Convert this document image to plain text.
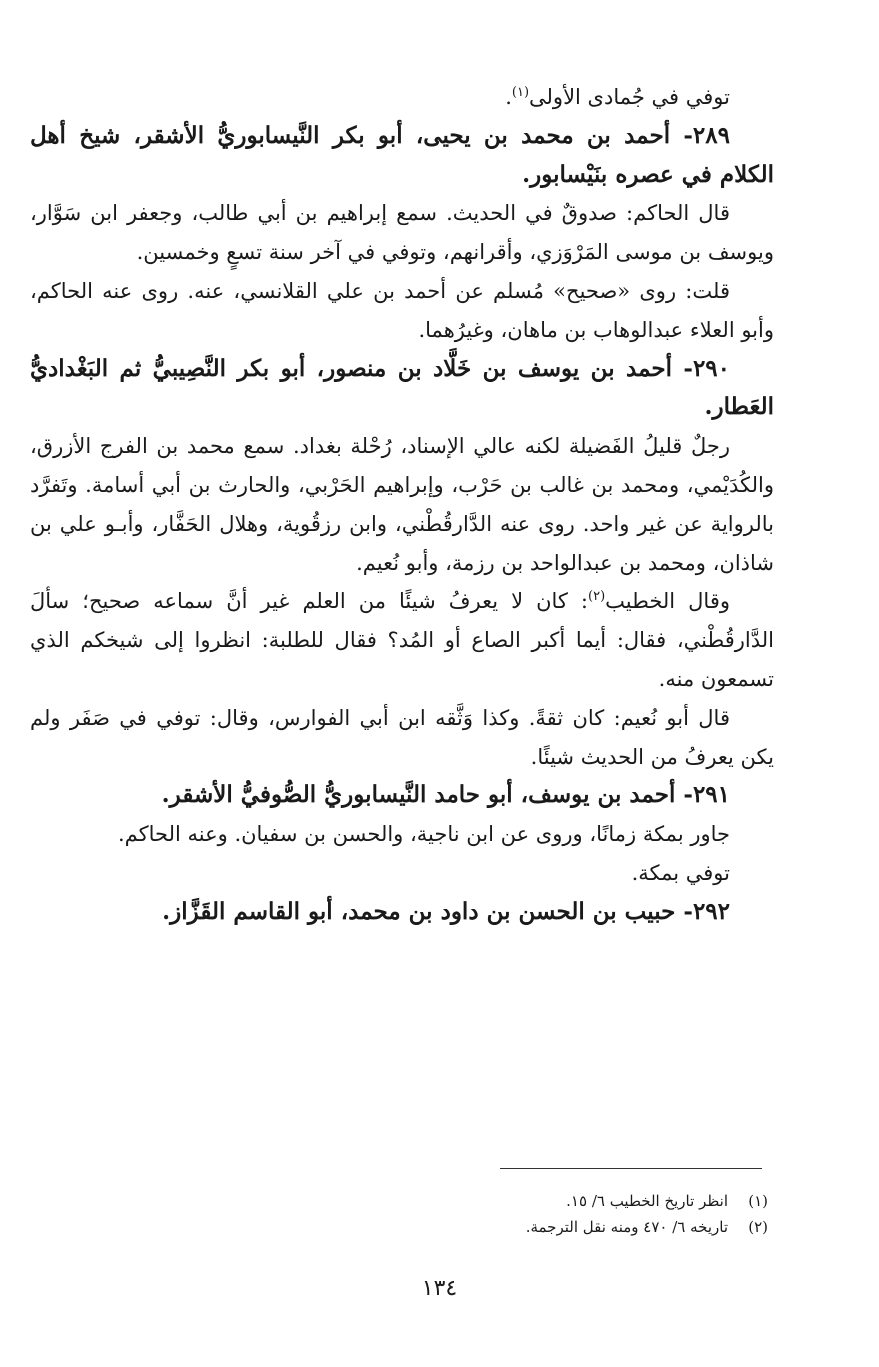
توفي في جُمادى الأولى$^{(١)}$.

٢٨٩- أحمد بن محمد بن يحيى، أبو بكر النَّيسابوريُّ الأشقر، شيخ أهل الكلام في عصره بنَيْسابور.

قال الحاكم: صدوقٌ في الحديث. سمع إبراهيم بن أبي طالب، وجعفر ابن سَوَّار، ويوسف بن موسى المَرْوَزي، وأقرانهم، وتوفي في آخر سنة تسعٍ وخمسين.

قلت: روى «صحيح» مُسلم عن أحمد بن علي القلانسي، عنه. روى عنه الحاكم، وأبو العلاء عبدالوهاب بن ماهان، وغيرُهما.

٢٩٠- أحمد بن يوسف بن خَلَّاد بن منصور، أبو بكر النَّصِيبيُّ ثم البَغْداديُّ العَطار.

رجلٌ قليلُ الفَضيلة لكنه عالي الإسناد، رُحْلة بغداد. سمع محمد بن الفرج الأزرق، والكُدَيْمي، ومحمد بن غالب بن حَرْب، وإبراهيم الحَرْبي، والحارث بن أبي أسامة. وتَفرَّد بالرواية عن غير واحد. روى عنه الدَّارقُطْني، وابن رزقُوية، وهلال الحَفَّار، وأبـو علي بن شاذان، ومحمد بن عبدالواحد بن رزمة، وأبو نُعيم.

وقال الخطيب$^{(٢)}$: كان لا يعرفُ شيئًا من العلم غير أنَّ سماعه صحيح؛ سألَ الدَّارقُطْني، فقال: أيما أكبر الصاع أو المُد؟ فقال للطلبة: انظروا إلى شيخكم الذي تسمعون منه.

قال أبو نُعيم: كان ثقةً. وكذا وَثَّقه ابن أبي الفوارس، وقال: توفي في صَفَر ولم يكن يعرفُ من الحديث شيئًا.

٢٩١- أحمد بن يوسف، أبو حامد النَّيسابوريُّ الصُّوفيُّ الأشقر.

جاور بمكة زمانًا، وروى عن ابن ناجية، والحسن بن سفيان. وعنه الحاكم.

توفي بمكة.

٢٩٢- حبيب بن الحسن بن داود بن محمد، أبو القاسم القَزَّاز.

(١)انظر تاريخ الخطيب ٦/ ١٥.
(٢)تاريخه ٦/ ٤٧٠ ومنه نقل الترجمة.
١٣٤
